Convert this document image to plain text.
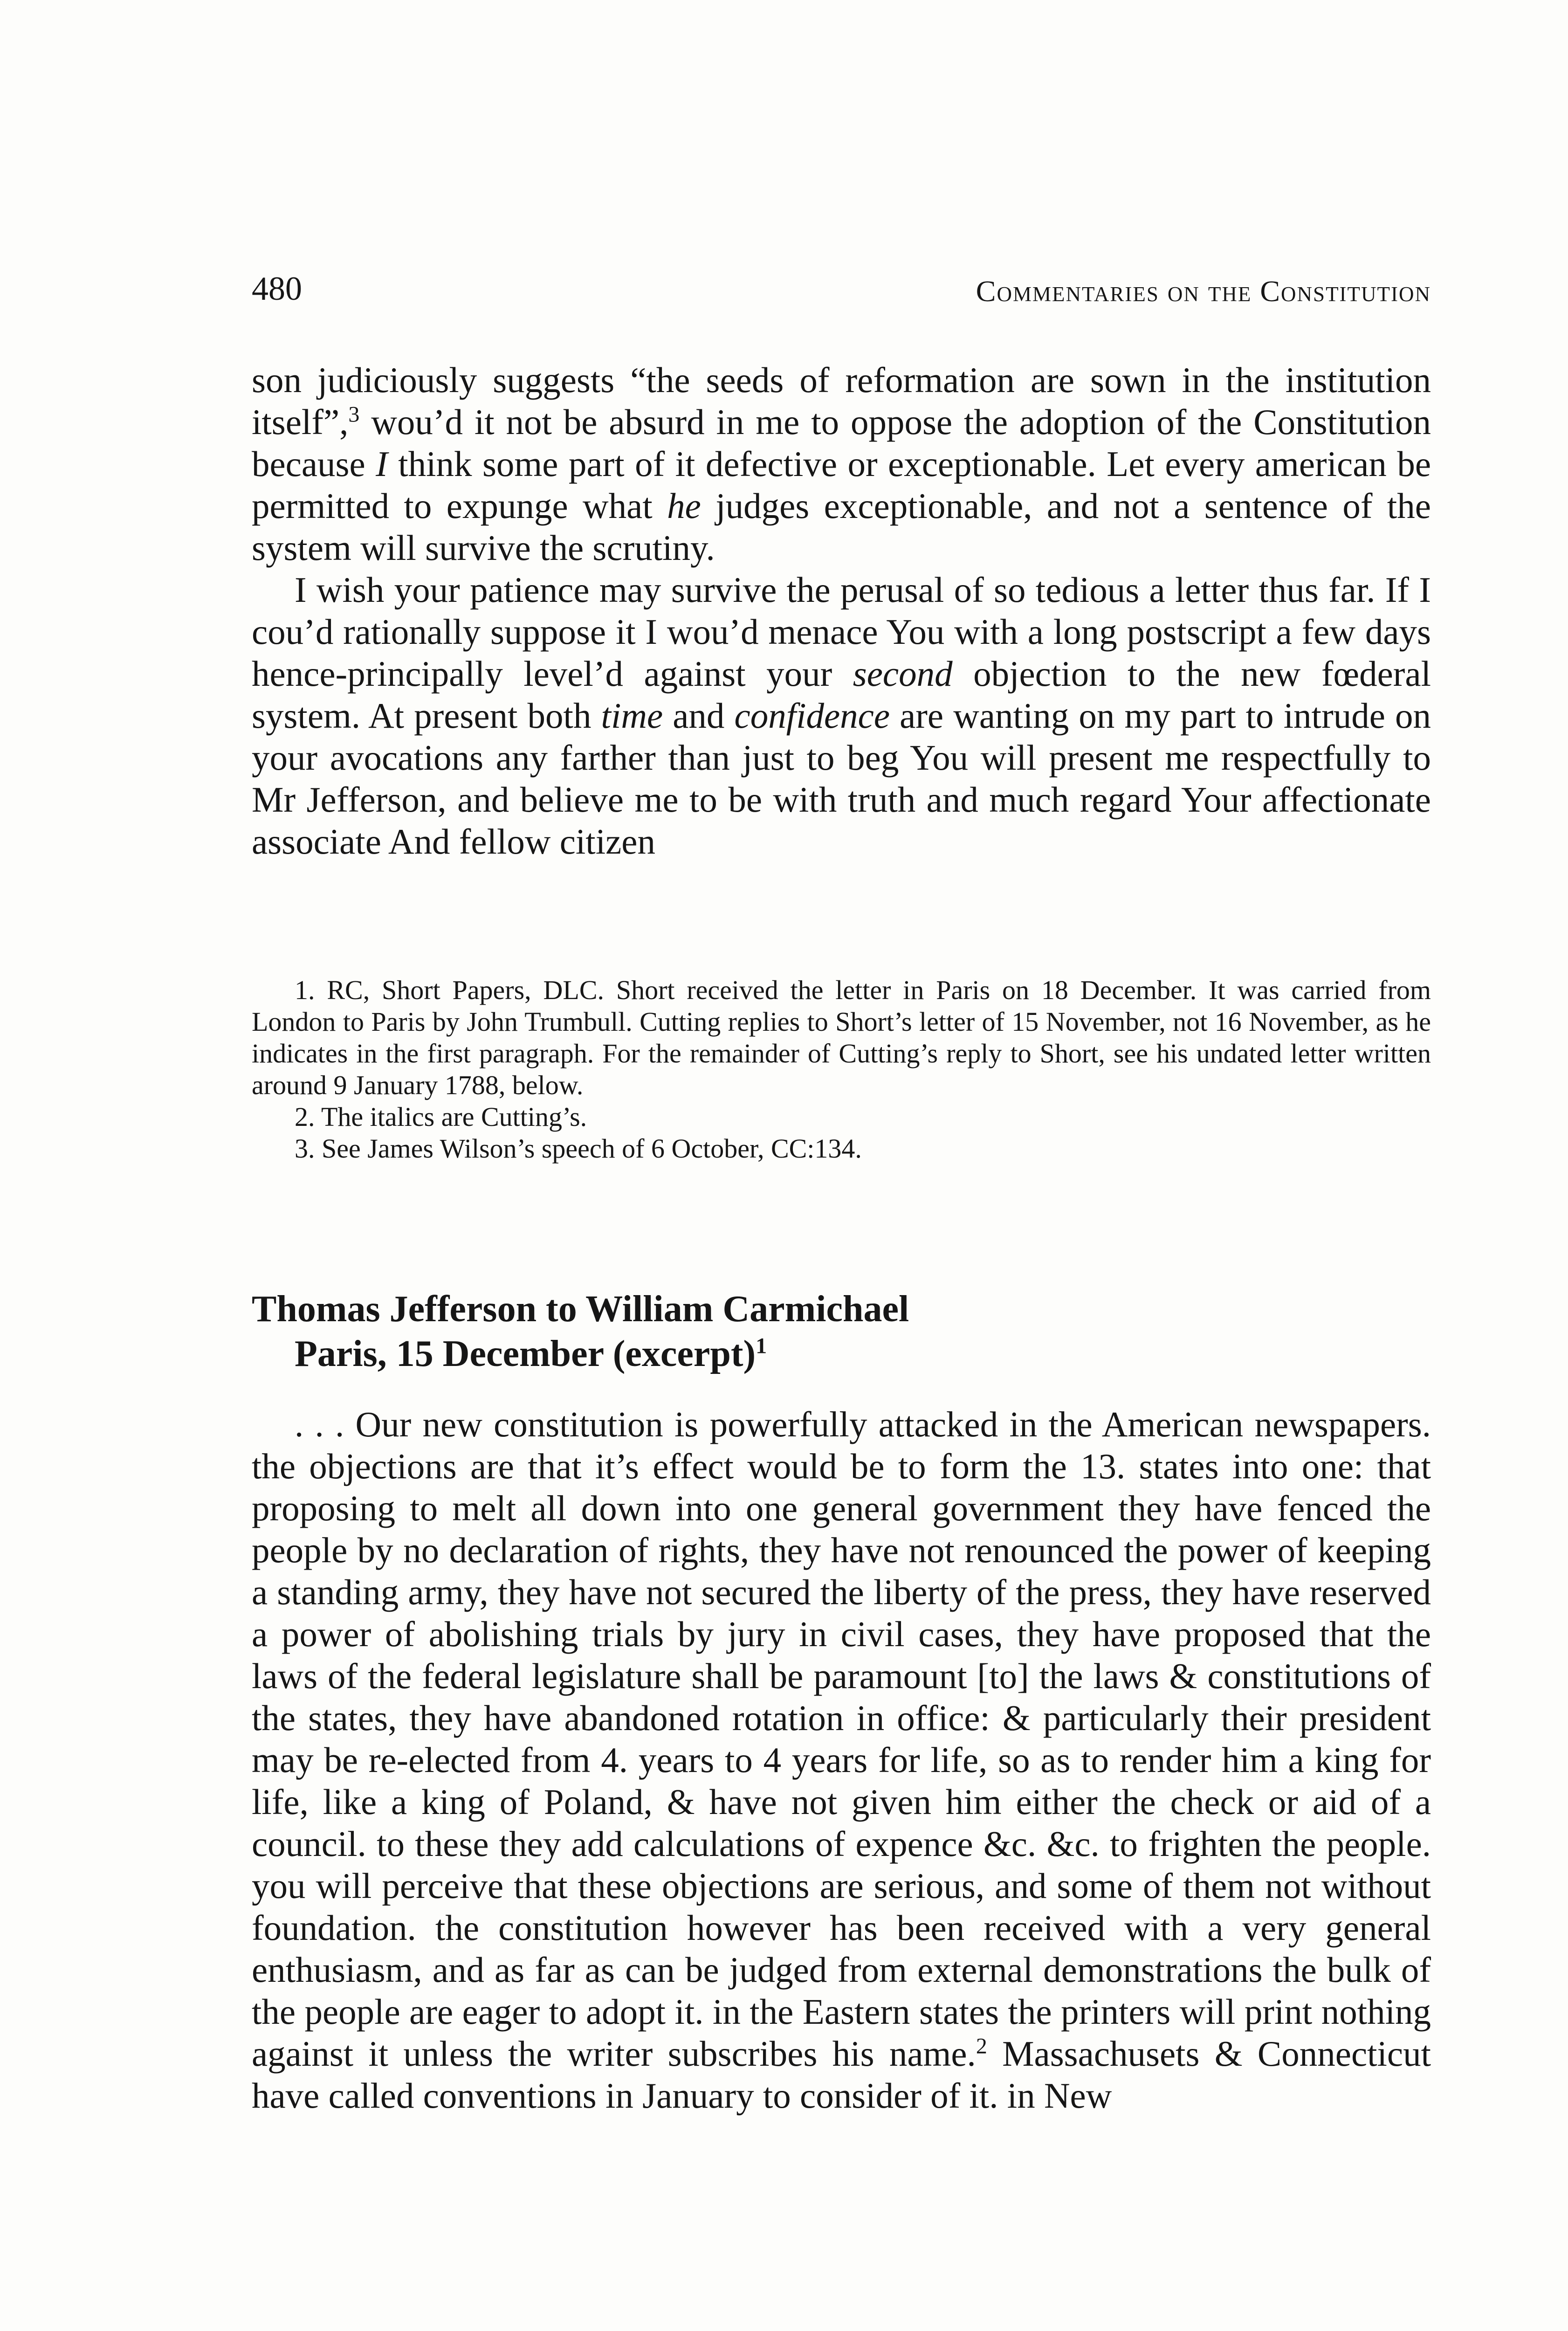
480	Commentaries on the Constitution

son judiciously suggests “the seeds of reformation are sown in the institution itself”,$^3$ wou’d it not be absurd in me to oppose the adoption of the Constitution because I think some part of it defective or exceptionable. Let every american be permitted to expunge what he judges exceptionable, and not a sentence of the system will survive the scrutiny.

I wish your patience may survive the perusal of so tedious a letter thus far. If I cou’d rationally suppose it I wou’d menace You with a long postscript a few days hence-principally level’d against your second objection to the new fœderal system. At present both time and confidence are wanting on my part to intrude on your avocations any farther than just to beg You will present me respectfully to Mr Jefferson, and believe me to be with truth and much regard Your affectionate associate And fellow citizen

1. RC, Short Papers, DLC. Short received the letter in Paris on 18 December. It was carried from London to Paris by John Trumbull. Cutting replies to Short’s letter of 15 November, not 16 November, as he indicates in the first paragraph. For the remainder of Cutting’s reply to Short, see his undated letter written around 9 January 1788, below.

2. The italics are Cutting’s.

3. See James Wilson’s speech of 6 October, CC:134.

Thomas Jefferson to William Carmichael
Paris, 15 December (excerpt)$^1$

. . . Our new constitution is powerfully attacked in the American newspapers. the objections are that it’s effect would be to form the 13. states into one: that proposing to melt all down into one general government they have fenced the people by no declaration of rights, they have not renounced the power of keeping a standing army, they have not secured the liberty of the press, they have reserved a power of abolishing trials by jury in civil cases, they have proposed that the laws of the federal legislature shall be paramount [to] the laws & constitutions of the states, they have abandoned rotation in office: & particularly their president may be re-elected from 4. years to 4 years for life, so as to render him a king for life, like a king of Poland, & have not given him either the check or aid of a council. to these they add calculations of expence &c. &c. to frighten the people. you will perceive that these objections are serious, and some of them not without foundation. the constitution however has been received with a very general enthusiasm, and as far as can be judged from external demonstrations the bulk of the people are eager to adopt it. in the Eastern states the printers will print nothing against it unless the writer subscribes his name.$^2$ Massachusets & Connecticut have called conventions in January to consider of it. in New
